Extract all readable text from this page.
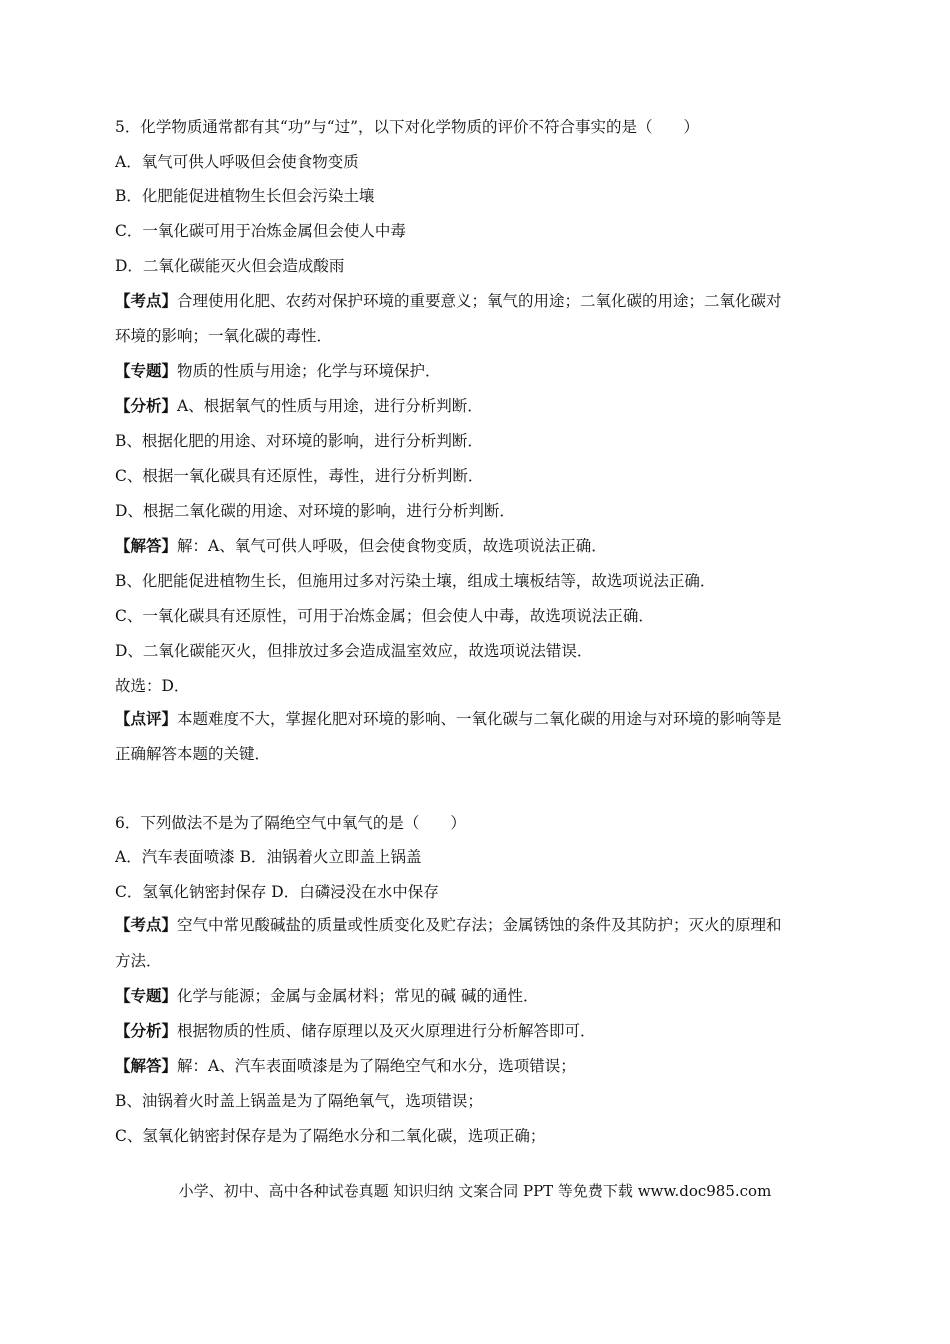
5．化学物质通常都有其“功”与“过”，以下对化学物质的评价不符合事实的是（　　）
A．氧气可供人呼吸但会使食物变质
B．化肥能促进植物生长但会污染土壤
C．一氧化碳可用于冶炼金属但会使人中毒
D．二氧化碳能灭火但会造成酸雨
【考点】合理使用化肥、农药对保护环境的重要意义；氧气的用途；二氧化碳的用途；二氧化碳对
环境的影响；一氧化碳的毒性．
【专题】物质的性质与用途；化学与环境保护．
【分析】A、根据氧气的性质与用途，进行分析判断．
B、根据化肥的用途、对环境的影响，进行分析判断．
C、根据一氧化碳具有还原性，毒性，进行分析判断．
D、根据二氧化碳的用途、对环境的影响，进行分析判断．
【解答】解：A、氧气可供人呼吸，但会使食物变质，故选项说法正确．
B、化肥能促进植物生长，但施用过多对污染土壤，组成土壤板结等，故选项说法正确．
C、一氧化碳具有还原性，可用于冶炼金属；但会使人中毒，故选项说法正确．
D、二氧化碳能灭火，但排放过多会造成温室效应，故选项说法错误．
故选：D．
【点评】本题难度不大，掌握化肥对环境的影响、一氧化碳与二氧化碳的用途与对环境的影响等是
正确解答本题的关键．
6．下列做法不是为了隔绝空气中氧气的是（　　）
A．汽车表面喷漆 B．油锅着火立即盖上锅盖
C．氢氧化钠密封保存 D．白磷浸没在水中保存
【考点】空气中常见酸碱盐的质量或性质变化及贮存法；金属锈蚀的条件及其防护；灭火的原理和
方法．
【专题】化学与能源；金属与金属材料；常见的碱 碱的通性．
【分析】根据物质的性质、储存原理以及灭火原理进行分析解答即可．
【解答】解：A、汽车表面喷漆是为了隔绝空气和水分，选项错误；
B、油锅着火时盖上锅盖是为了隔绝氧气，选项错误；
C、氢氧化钠密封保存是为了隔绝水分和二氧化碳，选项正确；
小学、初中、高中各种试卷真题 知识归纳 文案合同 PPT 等免费下载 www.doc985.com
